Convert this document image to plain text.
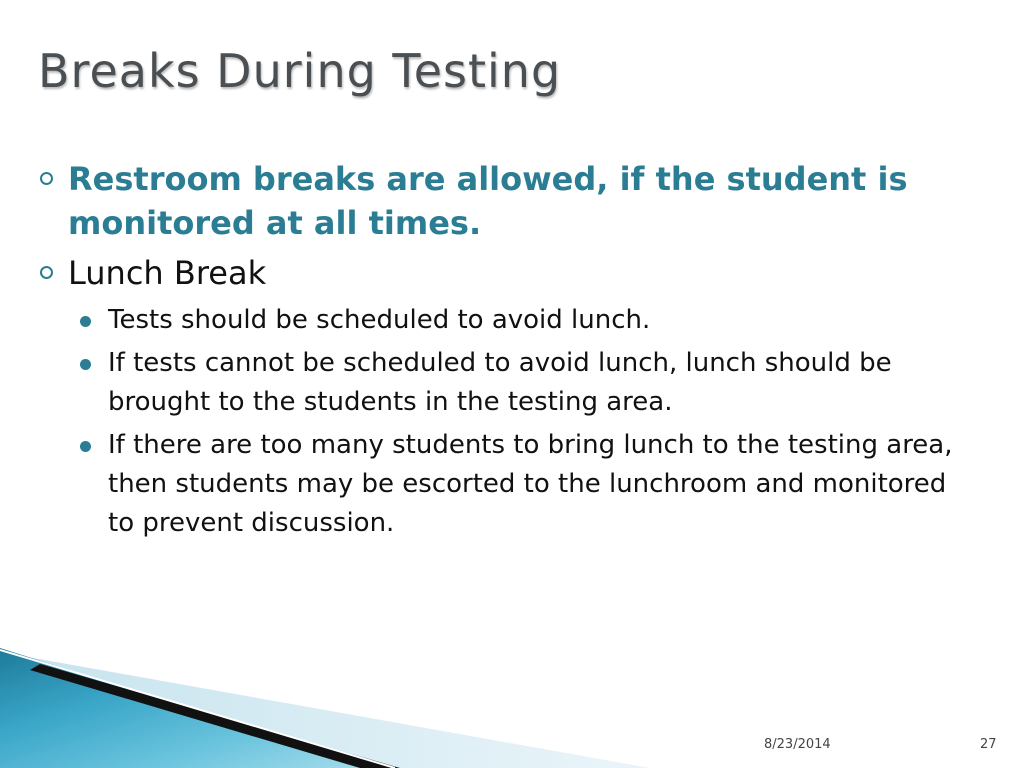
Breaks During Testing
Restroom breaks are allowed, if the student is monitored at all times.
Lunch Break
Tests should be scheduled to avoid lunch.
If tests cannot be scheduled to avoid lunch, lunch should be brought to the students in the testing area.
If there are too many students to bring lunch to the testing area, then students may be escorted to the lunchroom and monitored to prevent discussion.
8/23/2014	27
